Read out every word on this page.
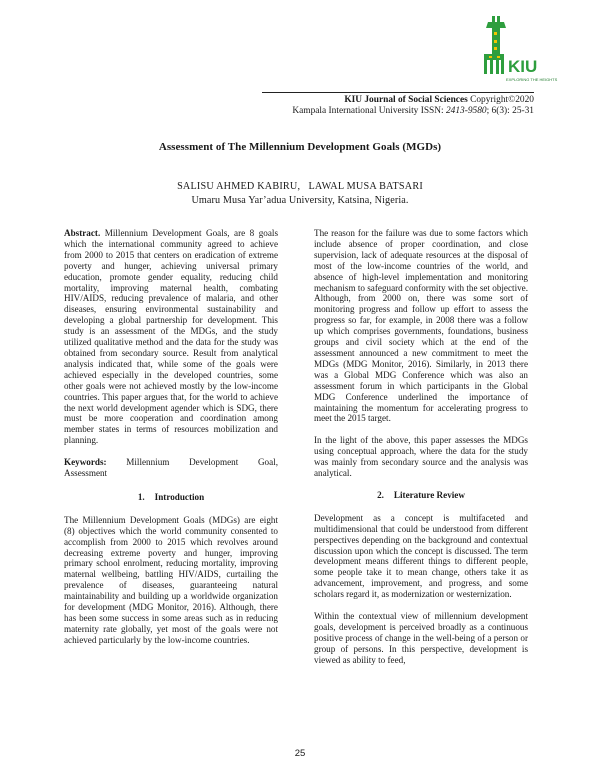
KIU
EXPLORING THE HEIGHTS
KIU Journal of Social Sciences Copyright©2020
Kampala International University ISSN: 2413-9580; 6(3): 25-31
Assessment of The Millennium Development Goals (MGDs)
SALISU AHMED KABIRU,   LAWAL MUSA BATSARI
Umaru Musa Yar’adua University, Katsina, Nigeria.

Abstract. Millennium Development Goals, are 8 goals which the international community agreed to achieve from 2000 to 2015 that centers on eradication of extreme poverty and hunger, achieving universal primary education, promote gender equality, reducing child mortality, improving maternal health, combating HIV/AIDS, reducing prevalence of malaria, and other diseases, ensuring environmental sustainability and developing a global partnership for development. This study is an assessment of the MDGs, and the study utilized qualitative method and the data for the study was obtained from secondary source. Result from analytical analysis indicated that, while some of the goals were achieved especially in the developed countries, some other goals were not achieved mostly by the low-income countries. This paper argues that, for the world to achieve the next world development agender which is SDG, there must be more cooperation and coordination among member states in terms of resources mobilization and planning.

Keywords: Millennium Development Goal,
Assessment
1. Introduction

The Millennium Development Goals (MDGs) are eight (8) objectives which the world community consented to accomplish from 2000 to 2015 which revolves around decreasing extreme poverty and hunger, improving primary school enrolment, reducing mortality, improving maternal wellbeing, battling HIV/AIDS, curtailing the prevalence of diseases, guaranteeing natural maintainability and building up a worldwide organization for development (MDG Monitor, 2016). Although, there has been some success in some areas such as in reducing maternity rate globally, yet most of the goals were not achieved particularly by the low-income countries.

The reason for the failure was due to some factors which include absence of proper coordination, and close supervision, lack of adequate resources at the disposal of most of the low-income countries of the world, and absence of high-level implementation and monitoring mechanism to safeguard conformity with the set objective. Although, from 2000 on, there was some sort of monitoring progress and follow up effort to assess the progress so far, for example, in 2008 there was a follow up which comprises governments, foundations, business groups and civil society which at the end of the assessment announced a new commitment to meet the MDGs (MDG Monitor, 2016). Similarly, in 2013 there was a Global MDG Conference which was also an assessment forum in which participants in the Global MDG Conference underlined the importance of maintaining the momentum for accelerating progress to meet the 2015 target.

In the light of the above, this paper assesses the MDGs using conceptual approach, where the data for the study was mainly from secondary source and the analysis was analytical.

2. Literature Review

Development as a concept is multifaceted and multidimensional that could be understood from different perspectives depending on the background and contextual discussion upon which the concept is discussed. The term development means different things to different people, some people take it to mean change, others take it as advancement, improvement, and progress, and some scholars regard it, as modernization or westernization.

Within the contextual view of millennium development goals, development is perceived broadly as a continuous positive process of change in the well-being of a person or group of persons. In this perspective, development is viewed as ability to feed,

25
